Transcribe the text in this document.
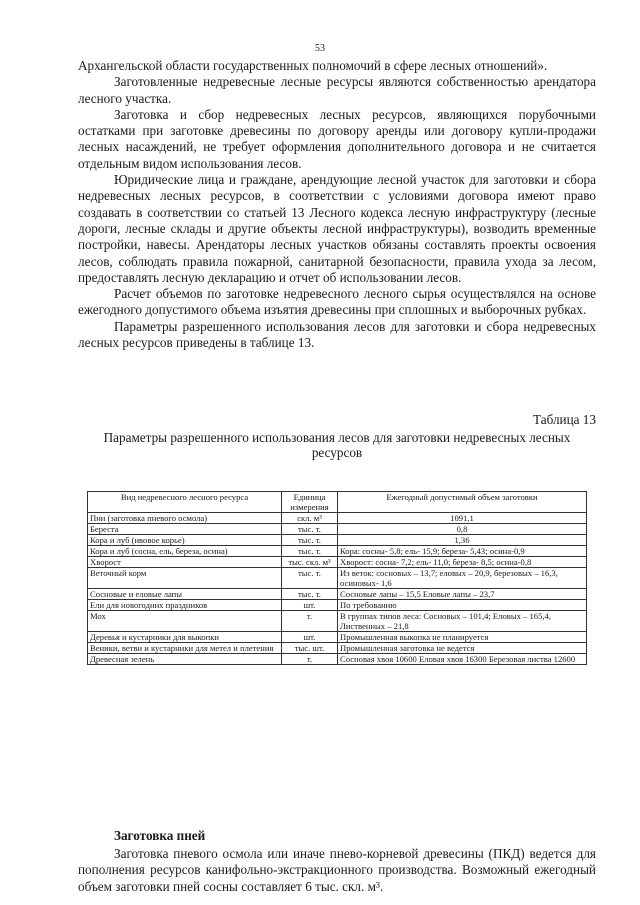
53

Архангельской области государственных полномочий в сфере лесных отношений».

Заготовленные недревесные лесные ресурсы являются собственностью арендатора лесного участка.

Заготовка и сбор недревесных лесных ресурсов, являющихся порубочными остатками при заготовке древесины по договору аренды или договору купли-продажи лесных насаждений, не требует оформления дополнительного договора и не считается отдельным видом использования лесов.

Юридические лица и граждане, арендующие лесной участок для заготовки и сбора недревесных лесных ресурсов, в соответствии с условиями договора имеют право создавать в соответствии со статьей 13 Лесного кодекса лесную инфраструктуру (лесные дороги, лесные склады и другие объекты лесной инфраструктуры), возводить временные постройки, навесы. Арендаторы лесных участков обязаны составлять проекты освоения лесов, соблюдать правила пожарной, санитарной безопасности, правила ухода за лесом, предоставлять лесную декларацию и отчет об использовании лесов.

Расчет объемов по заготовке недревесного лесного сырья осуществлялся на основе ежегодного допустимого объема изъятия древесины при сплошных и выборочных рубках.

Параметры разрешенного использования лесов для заготовки и сбора недревесных лесных ресурсов приведены в таблице 13.

Таблица 13
Параметры разрешенного использования лесов для заготовки недревесных лесных ресурсов
Вид недревесного лесного ресурса	Единица измерения	Ежегодный допустимый объем заготовки
Пни (заготовка пневого осмола)	скл. м³	1091,1
Береста	тыс. т.	0,8
Кора и луб (ивовое корье)	тыс. т.	1,36
Кора и луб (сосна, ель, береза, осина)	тыс. т.	Кора: сосны- 5,8; ель- 15,9; береза- 5,43; осина-0,9
Хворост	тыс. скл. м³	Хворост: сосна- 7,2; ель- 11,0; береза- 8,5; осина-0,8
Веточный корм	тыс. т.	Из веток: сосновых – 13,7; еловых – 20,9, березовых – 16,3, осиновых- 1,6
Сосновые и еловые лапы	тыс. т.	Сосновые лапы – 15,5 Еловые лапы – 23,7
Ели для новогодних праздников	шт.	По требованию
Мох	т.	В группах типов леса: Сосновых – 101,4; Еловых – 165,4, Лиственных – 21,8
Деревья и кустарники для выкопки	шт.	Промышленная выкопка не планируется
Веники, ветви и кустарники для метел и плетения	тыс. шт.	Промышленная заготовка не ведется
Древесная зелень	т.	Сосновая хвоя 10600 Еловая хвоя 16300 Березовая листва 12600
Заготовка пней

Заготовка пневого осмола или иначе пнево-корневой древесины (ПКД) ведется для пополнения ресурсов канифольно-экстракционного производства. Возможный ежегодный объем заготовки пней сосны составляет 6 тыс. скл. м³.
